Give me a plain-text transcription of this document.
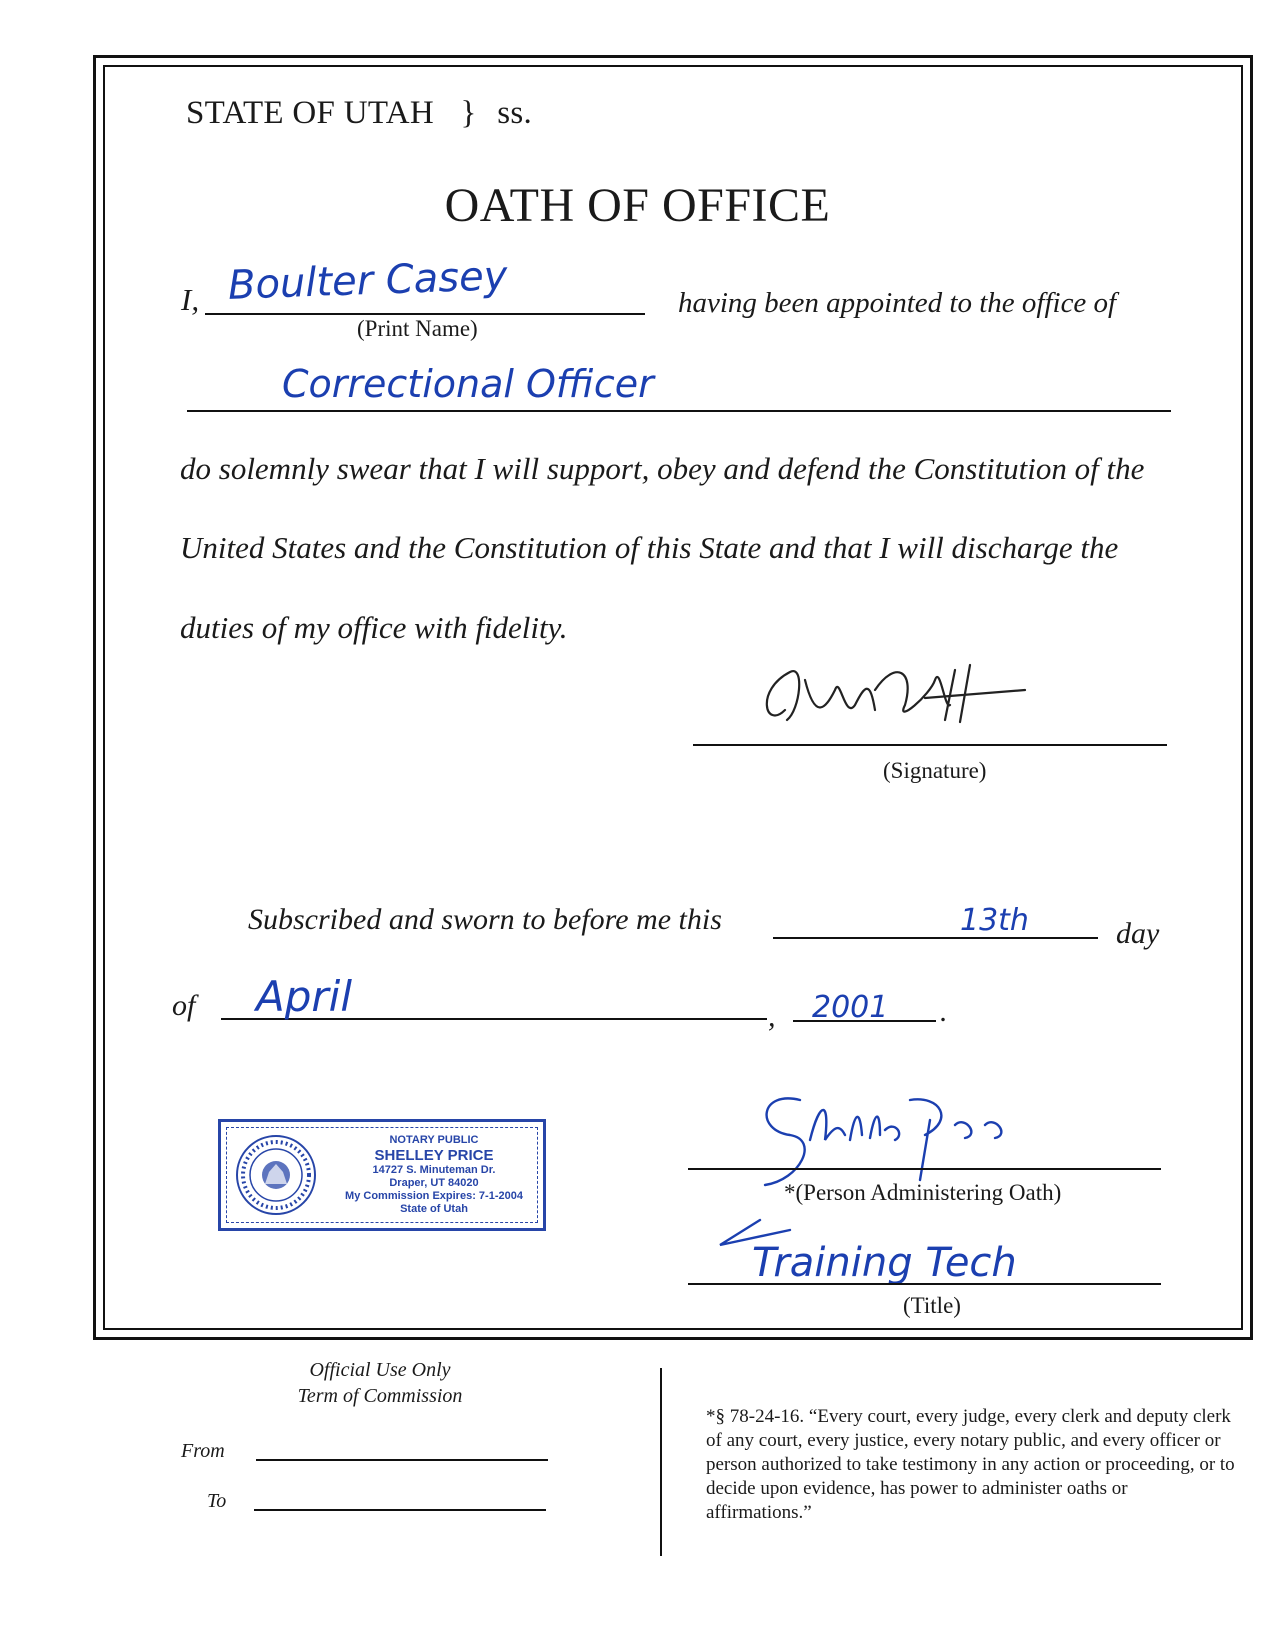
STATE OF UTAH } ss.
OATH OF OFFICE
I, Boulter Casey
(Print Name)
having been appointed to the office of
Correctional Officer
do solemnly swear that I will support, obey and defend the Constitution of the
United States and the Constitution of this State and that I will discharge the
duties of my office with fidelity.
(Signature)
Subscribed and sworn to before me this	13th	day
of April	, 2001 .
NOTARY PUBLIC
SHELLEY PRICE
14727 S. Minuteman Dr.
Draper, UT 84020
My Commission Expires: 7-1-2004
State of Utah
*(Person Administering Oath)
Training Tech
(Title)
Official Use Only
Term of Commission
From
To
*§ 78-24-16. “Every court, every judge, every clerk and deputy clerk of any court, every justice, every notary public, and every officer or person authorized to take testimony in any action or proceeding, or to decide upon evidence, has power to administer oaths or affirmations.”
